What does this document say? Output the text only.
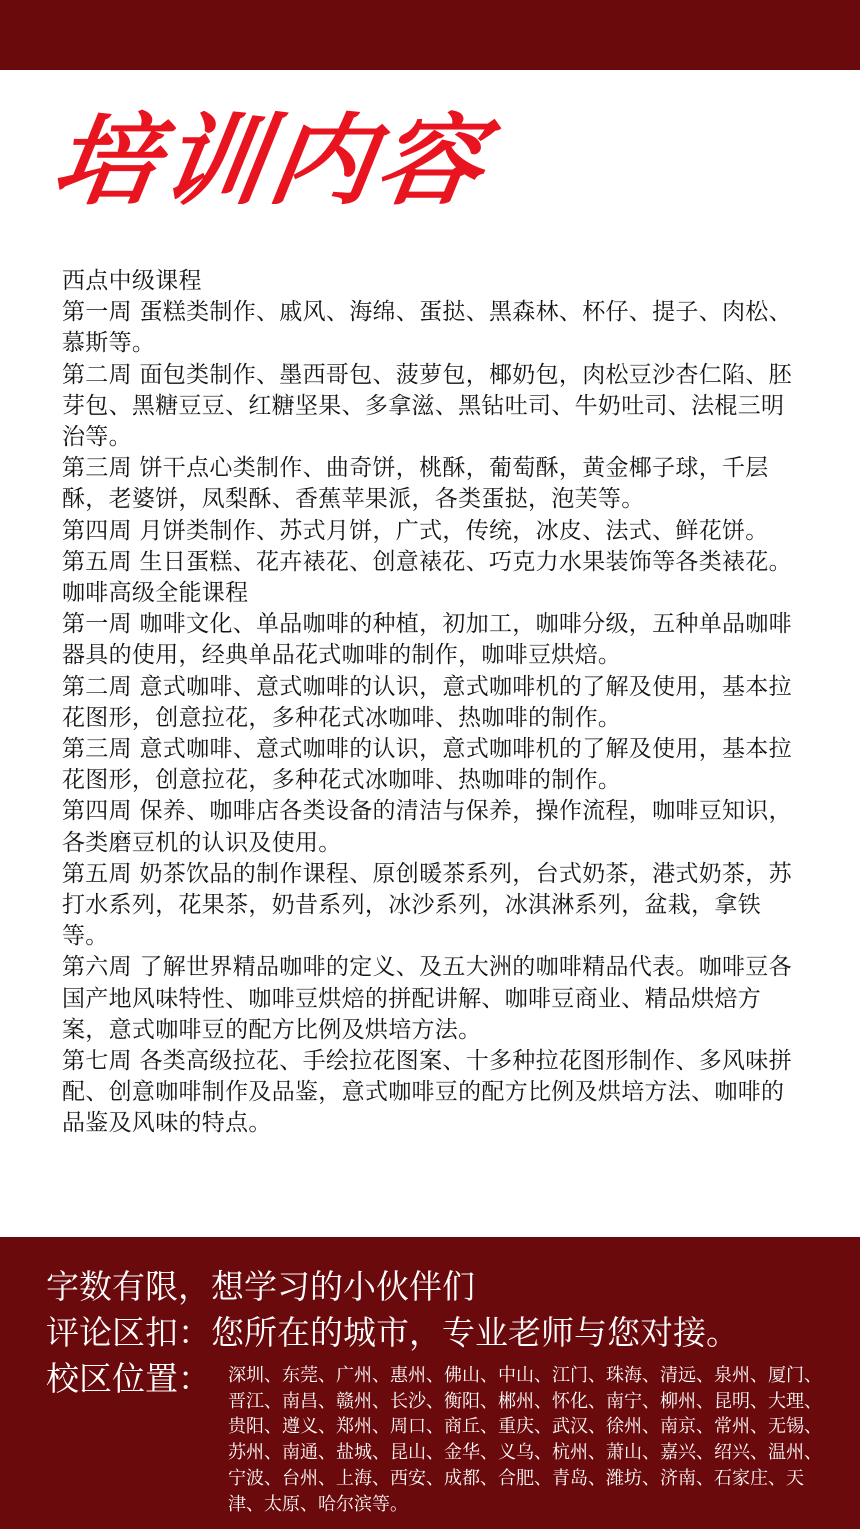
培训内容

西点中级课程

第一周 蛋糕类制作、戚风、海绵、蛋挞、黑森林、杯仔、提子、肉松、慕斯等。

第二周 面包类制作、墨西哥包、菠萝包，椰奶包，肉松豆沙杏仁陷、胚芽包、黑糖豆豆、红糖坚果、多拿滋、黑钻吐司、牛奶吐司、法棍三明治等。

第三周 饼干点心类制作、曲奇饼，桃酥，葡萄酥，黄金椰子球，千层酥，老婆饼，凤梨酥、香蕉苹果派，各类蛋挞，泡芙等。

第四周 月饼类制作、苏式月饼，广式，传统，冰皮、法式、鲜花饼。

第五周 生日蛋糕、花卉裱花、创意裱花、巧克力水果装饰等各类裱花。

咖啡高级全能课程

第一周 咖啡文化、单品咖啡的种植，初加工，咖啡分级，五种单品咖啡器具的使用，经典单品花式咖啡的制作，咖啡豆烘焙。

第二周 意式咖啡、意式咖啡的认识，意式咖啡机的了解及使用，基本拉花图形，创意拉花，多种花式冰咖啡、热咖啡的制作。

第三周 意式咖啡、意式咖啡的认识，意式咖啡机的了解及使用，基本拉花图形，创意拉花，多种花式冰咖啡、热咖啡的制作。

第四周 保养、咖啡店各类设备的清洁与保养，操作流程，咖啡豆知识，各类磨豆机的认识及使用。

第五周 奶茶饮品的制作课程、原创暖茶系列，台式奶茶，港式奶茶，苏打水系列，花果茶，奶昔系列，冰沙系列，冰淇淋系列，盆栽，拿铁等。

第六周 了解世界精品咖啡的定义、及五大洲的咖啡精品代表。咖啡豆各国产地风味特性、咖啡豆烘焙的拼配讲解、咖啡豆商业、精品烘焙方案，意式咖啡豆的配方比例及烘培方法。

第七周 各类高级拉花、手绘拉花图案、十多种拉花图形制作、多风味拼配、创意咖啡制作及品鉴，意式咖啡豆的配方比例及烘培方法、咖啡的品鉴及风味的特点。

字数有限，想学习的小伙伴们

评论区扣：您所在的城市，专业老师与您对接。

校区位置： 深圳、东莞、广州、惠州、佛山、中山、江门、珠海、清远、泉州、厦门、晋江、南昌、赣州、长沙、衡阳、郴州、怀化、南宁、柳州、昆明、大理、贵阳、遵义、郑州、周口、商丘、重庆、武汉、徐州、南京、常州、无锡、苏州、南通、盐城、昆山、金华、义乌、杭州、萧山、嘉兴、绍兴、温州、宁波、台州、上海、西安、成都、合肥、青岛、潍坊、济南、石家庄、天津、太原、哈尔滨等。
